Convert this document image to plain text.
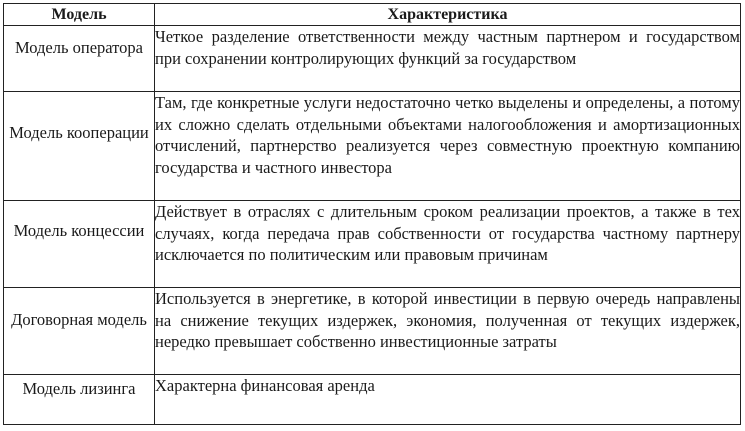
Модель	Характеристика
Модель оператора	Четкое разделение ответственности между частным партнером и государством при сохранении контролирующих функций за государством
Модель кооперации	Там, где конкретные услуги недостаточно четко выделены и определены, а потому их сложно сделать отдельными объектами налогообложения и амортизационных отчислений, партнерство реализуется через совместную проектную компанию государства и частного инвестора
Модель концессии	Действует в отраслях с длительным сроком реализации проектов, а также в тех случаях, когда передача прав собственности от государства частному партнеру исключается по политическим или правовым причинам
Договорная модель	Используется в энергетике, в которой инвестиции в первую очередь направлены на снижение текущих издержек, экономия, полученная от текущих издержек, нередко превышает собственно инвестиционные затраты
Модель лизинга	Характерна финансовая аренда
